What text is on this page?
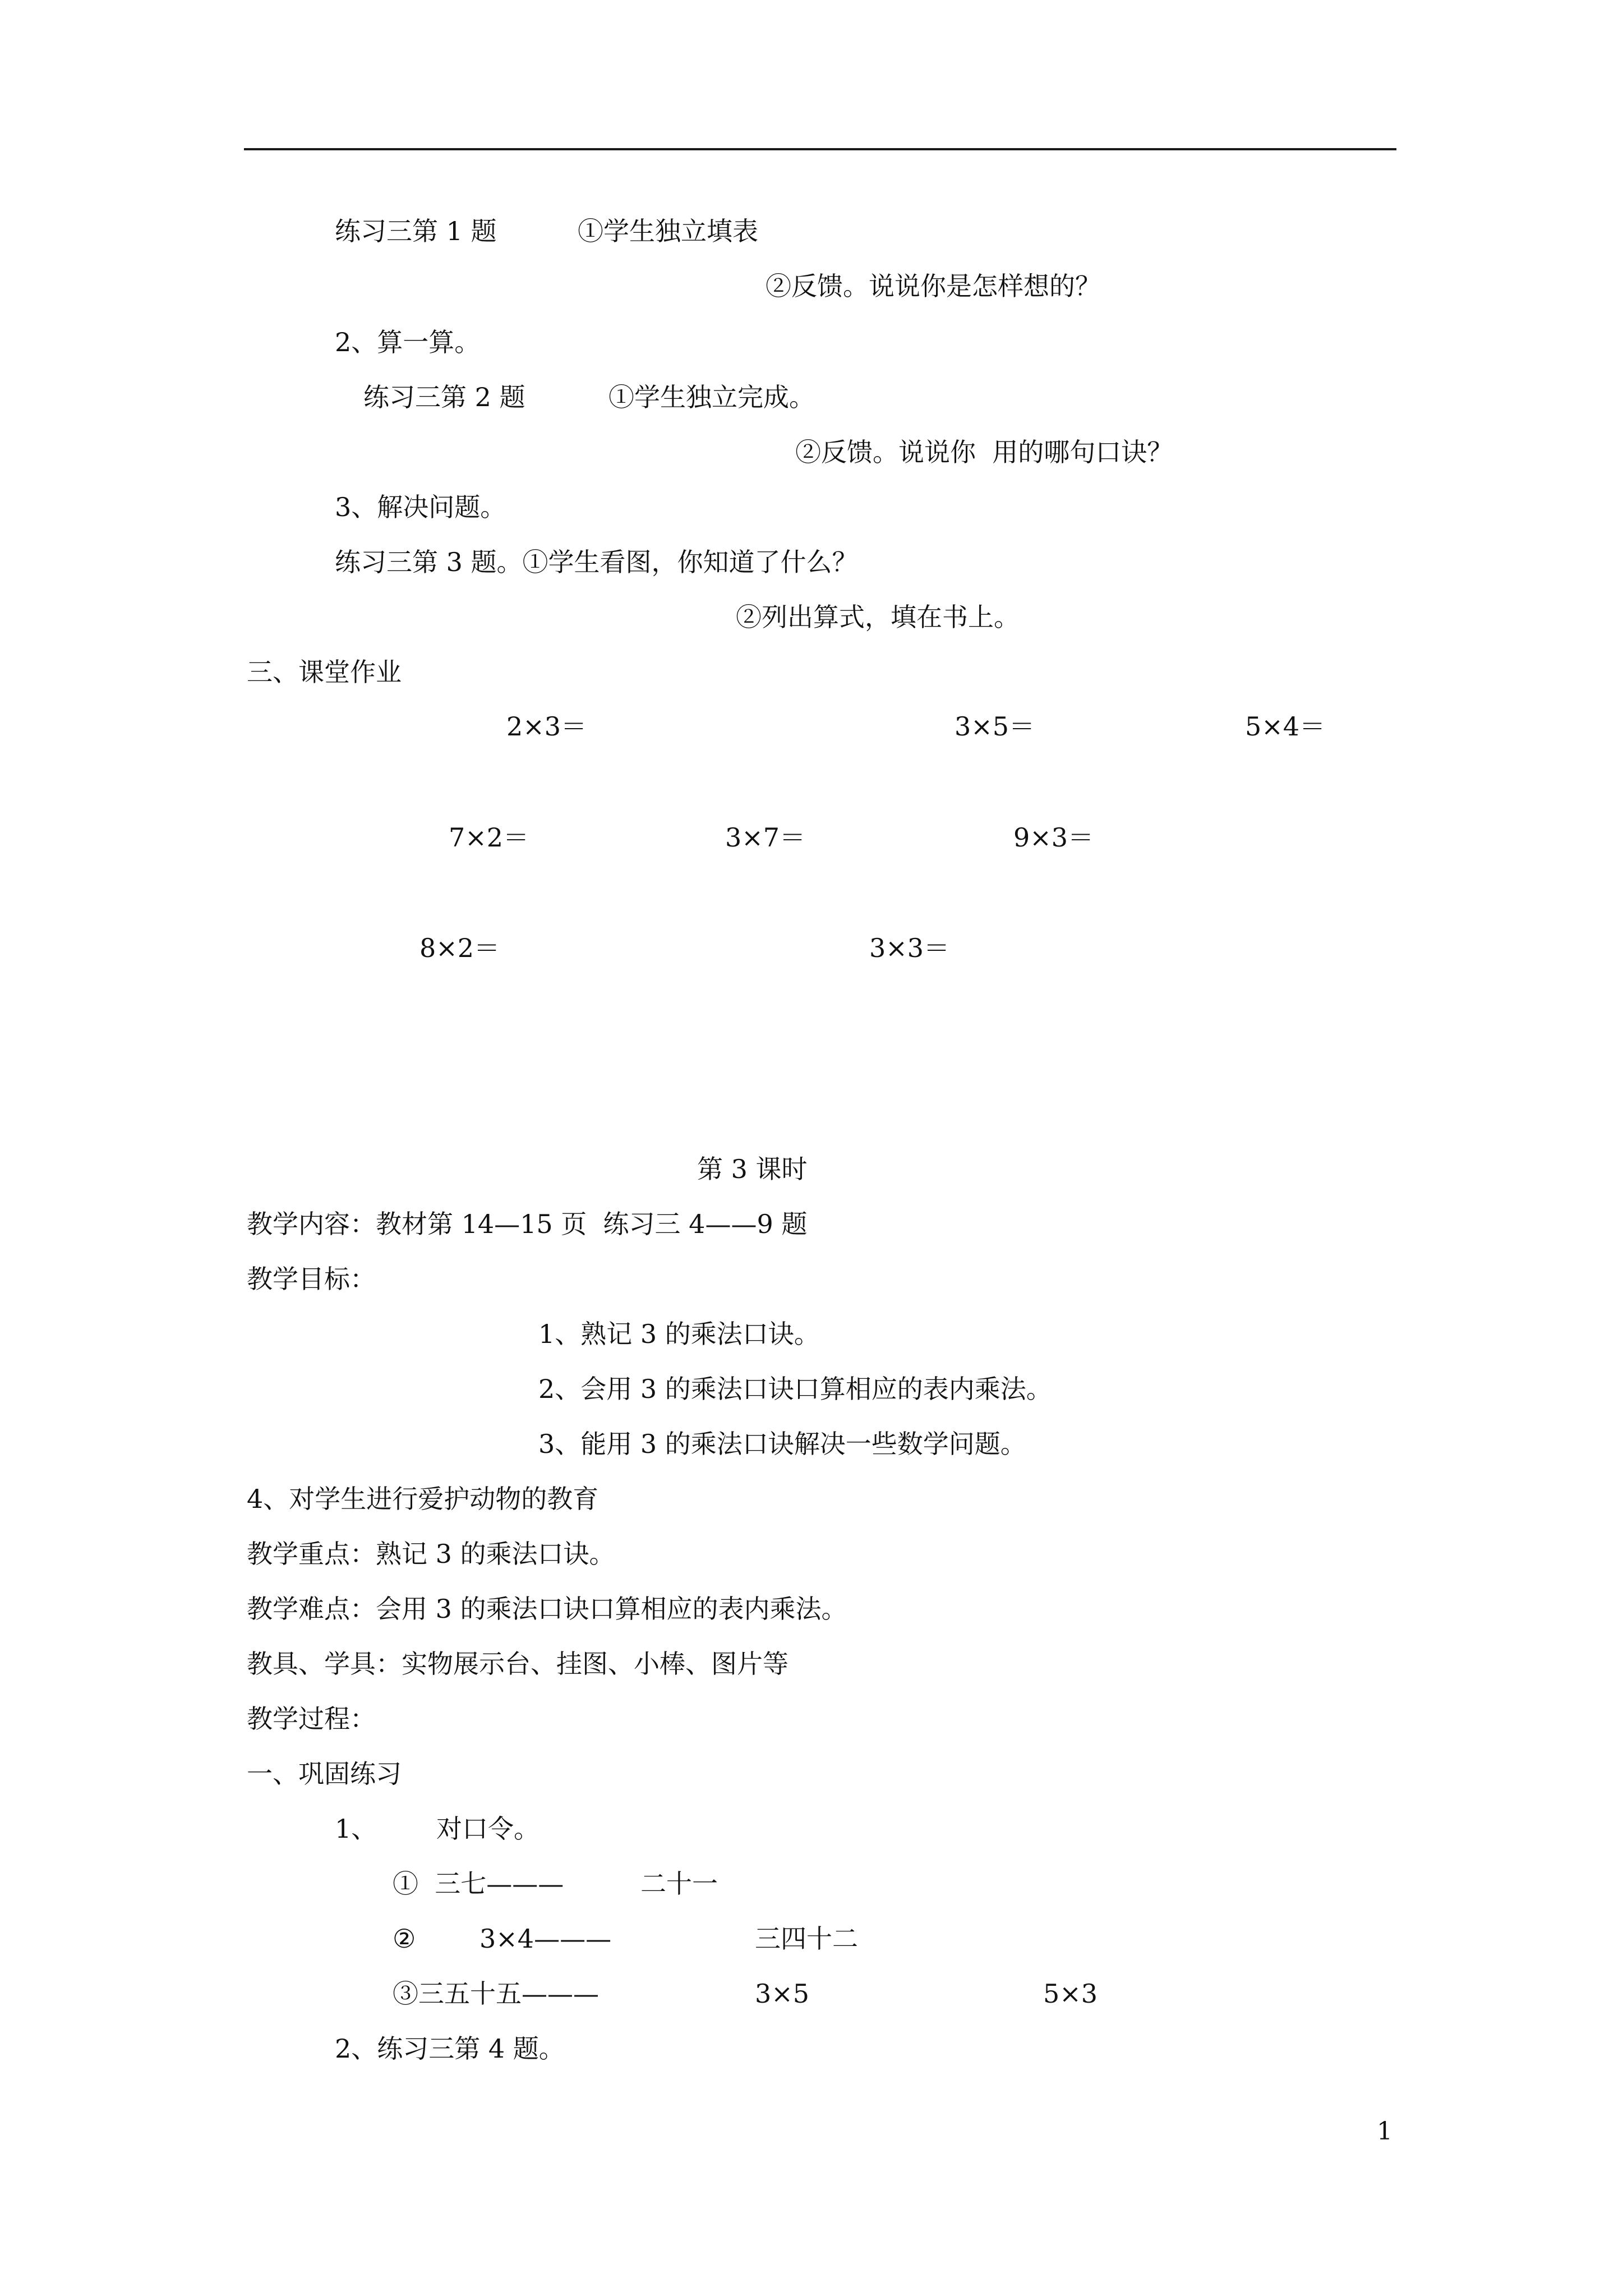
练习三第 1 题	①学生独立填表
②反馈。说说你是怎样想的？
2、算一算。
练习三第 2 题	①学生独立完成。
②反馈。说说你  用的哪句口诀？
3、解决问题。
练习三第 3 题。①学生看图，你知道了什么？
②列出算式，填在书上。
三、课堂作业
2×3＝	3×5＝	5×4＝
7×2＝	3×7＝	9×3＝
8×2＝	3×3＝
第 3 课时
教学内容：教材第 14—15 页  练习三 4——9 题
教学目标：
1、熟记 3 的乘法口诀。
2、会用 3 的乘法口诀口算相应的表内乘法。
3、能用 3 的乘法口诀解决一些数学问题。
4、对学生进行爱护动物的教育
教学重点：熟记 3 的乘法口诀。
教学难点：会用 3 的乘法口诀口算相应的表内乘法。
教具、学具：实物展示台、挂图、小棒、图片等
教学过程：
一、巩固练习
1、 对口令。
①  三七———	二十一
② 3×4———	三四十二
③三五十五———	3×5	5×3
2、练习三第 4 题。
1
